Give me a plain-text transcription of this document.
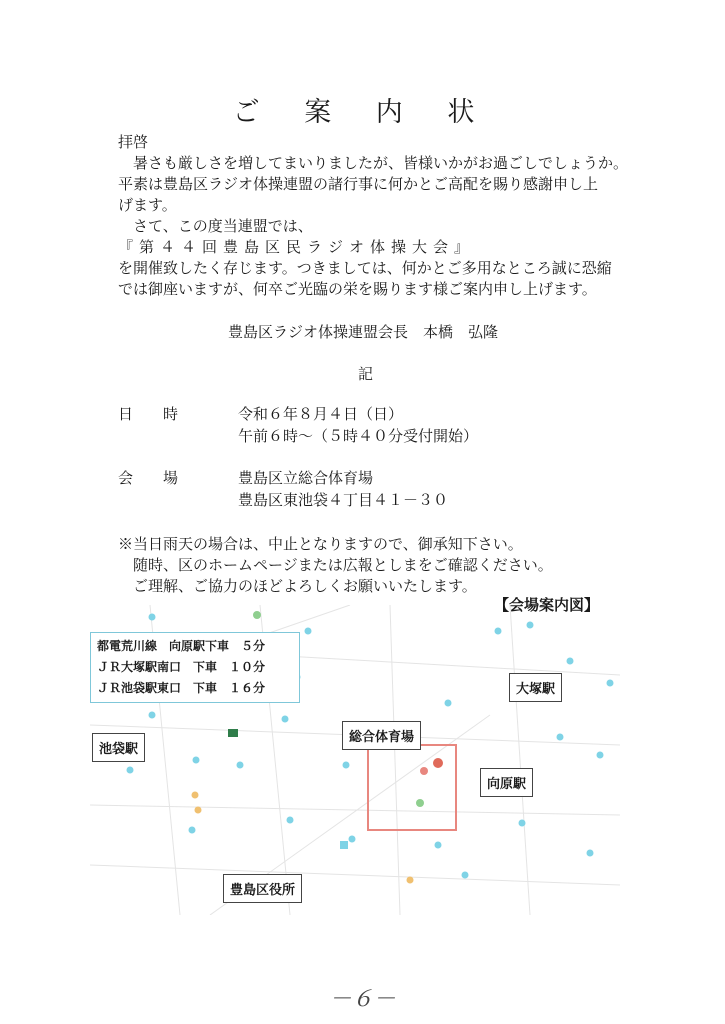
ご 案 内 状
拝啓
　暑さも厳しさを増してまいりましたが、皆様いかがお過ごしでしょうか。
平素は豊島区ラジオ体操連盟の諸行事に何かとご高配を賜り感謝申し上
げます。
　さて、この度当連盟では、
『第４４回豊島区民ラジオ体操大会』
を開催致したく存じます。つきましては、何かとご多用なところ誠に恐縮
では御座いますが、何卒ご光臨の栄を賜ります様ご案内申し上げます。
豊島区ラジオ体操連盟会長　本橋　弘隆
記
日　　時	令和６年８月４日（日）
午前６時～（５時４０分受付開始）
会　　場	豊島区立総合体育場
豊島区東池袋４丁目４１－３０
※当日雨天の場合は、中止となりますので、御承知下さい。
　随時、区のホームページまたは広報としまをご確認ください。
　ご理解、ご協力のほどよろしくお願いいたします。
【会場案内図】
都電荒川線　向原駅下車　５分
ＪＲ大塚駅南口　下車　１０分
ＪＲ池袋駅東口　下車　１６分
池袋駅
総合体育場
大塚駅
向原駅
豊島区役所
－６－
